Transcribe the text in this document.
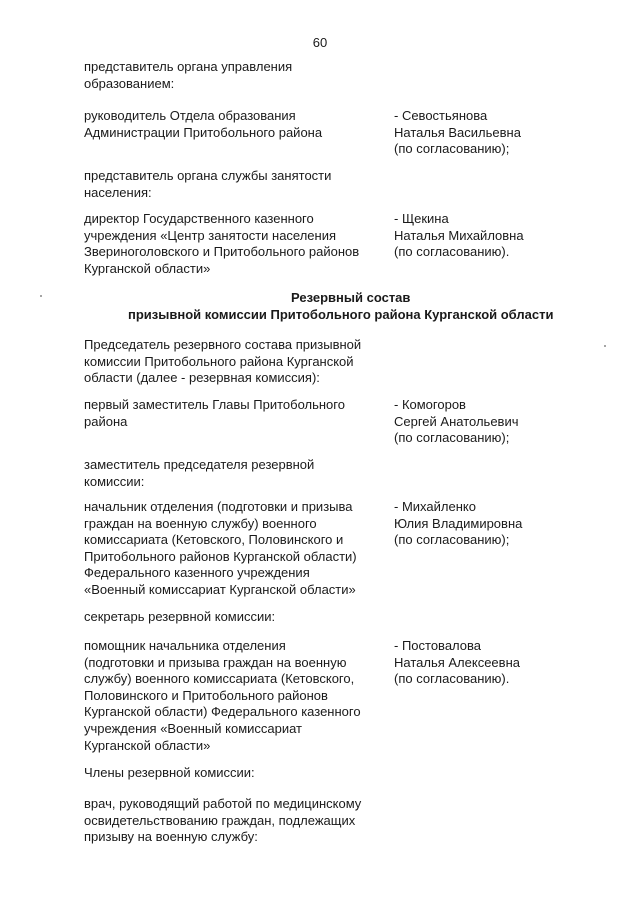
60
Резервный состав
призывной комиссии Притобольного района Курганской области
представитель органа управления
образованием:
руководитель Отдела образования
Администрации Притобольного района
- Севостьянова
Наталья Васильевна
(по согласованию);
представитель органа службы занятости
населения:
директор Государственного казенного
учреждения «Центр занятости населения
Звериноголовского и Притобольного районов
Курганской области»
- Щекина
Наталья Михайловна
(по согласованию).
Председатель резервного состава призывной
комиссии Притобольного района Курганской
области (далее - резервная комиссия):
первый заместитель Главы Притобольного
района
- Комогоров
Сергей Анатольевич
(по согласованию);
заместитель председателя резервной
комиссии:
начальник отделения (подготовки и призыва
граждан на военную службу) военного
комиссариата (Кетовского, Половинского и
Притобольного районов Курганской области)
Федерального казенного учреждения
«Военный комиссариат Курганской области»
- Михайленко
Юлия Владимировна
(по согласованию);
секретарь резервной комиссии:
помощник начальника отделения
(подготовки и призыва граждан на военную
службу) военного комиссариата (Кетовского,
Половинского и Притобольного районов
Курганской области) Федерального казенного
учреждения «Военный комиссариат
Курганской области»
- Постовалова
Наталья Алексеевна
(по согласованию).
Члены резервной комиссии:
врач, руководящий работой по медицинскому
освидетельствованию граждан, подлежащих
призыву на военную службу:
